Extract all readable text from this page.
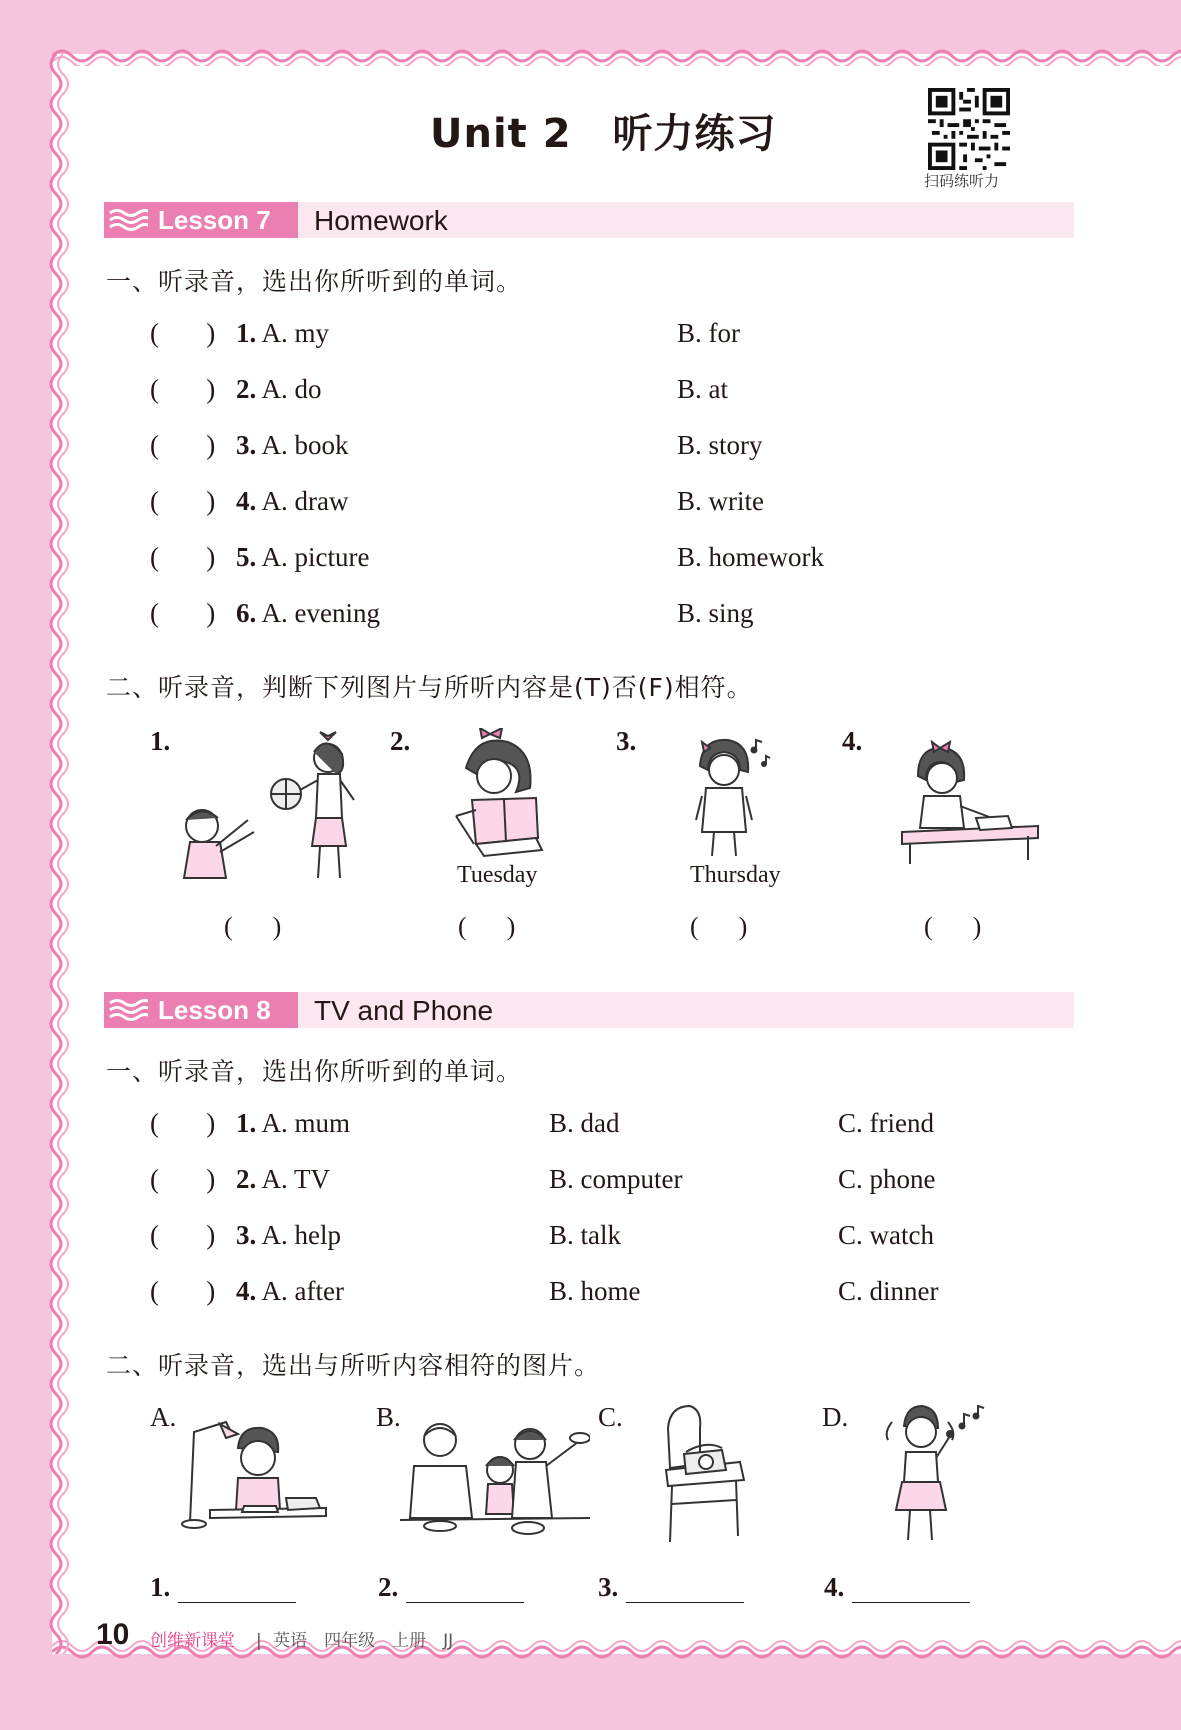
Unit 2　听力练习
扫码练听力
Lesson 7 Homework
一、听录音，选出你所听到的单词。
(       ) 1. A. my	B. for
(       ) 2. A. do	B. at
(       ) 3. A. book	B. story
(       ) 4. A. draw	B. write
(       ) 5. A. picture	B. homework
(       ) 6. A. evening	B. sing
二、听录音，判断下列图片与所听内容是(T)否(F)相符。
1.
()
2.
Tuesday
()
3.
Thursday
()
4.
()
Lesson 8 TV and Phone
一、听录音，选出你所听到的单词。
(       ) 1. A. mum	B. dad	C. friend
(       ) 2. A. TV	B. computer	C. phone
(       ) 3. A. help	B. talk	C. watch
(       ) 4. A. after	B. home	C. dinner
二、听录音，选出与所听内容相符的图片。
A.	B.	C.	D.
1.	2.	3.	4.
10 创维新课堂 | 英语　四年级　上册　JJ
